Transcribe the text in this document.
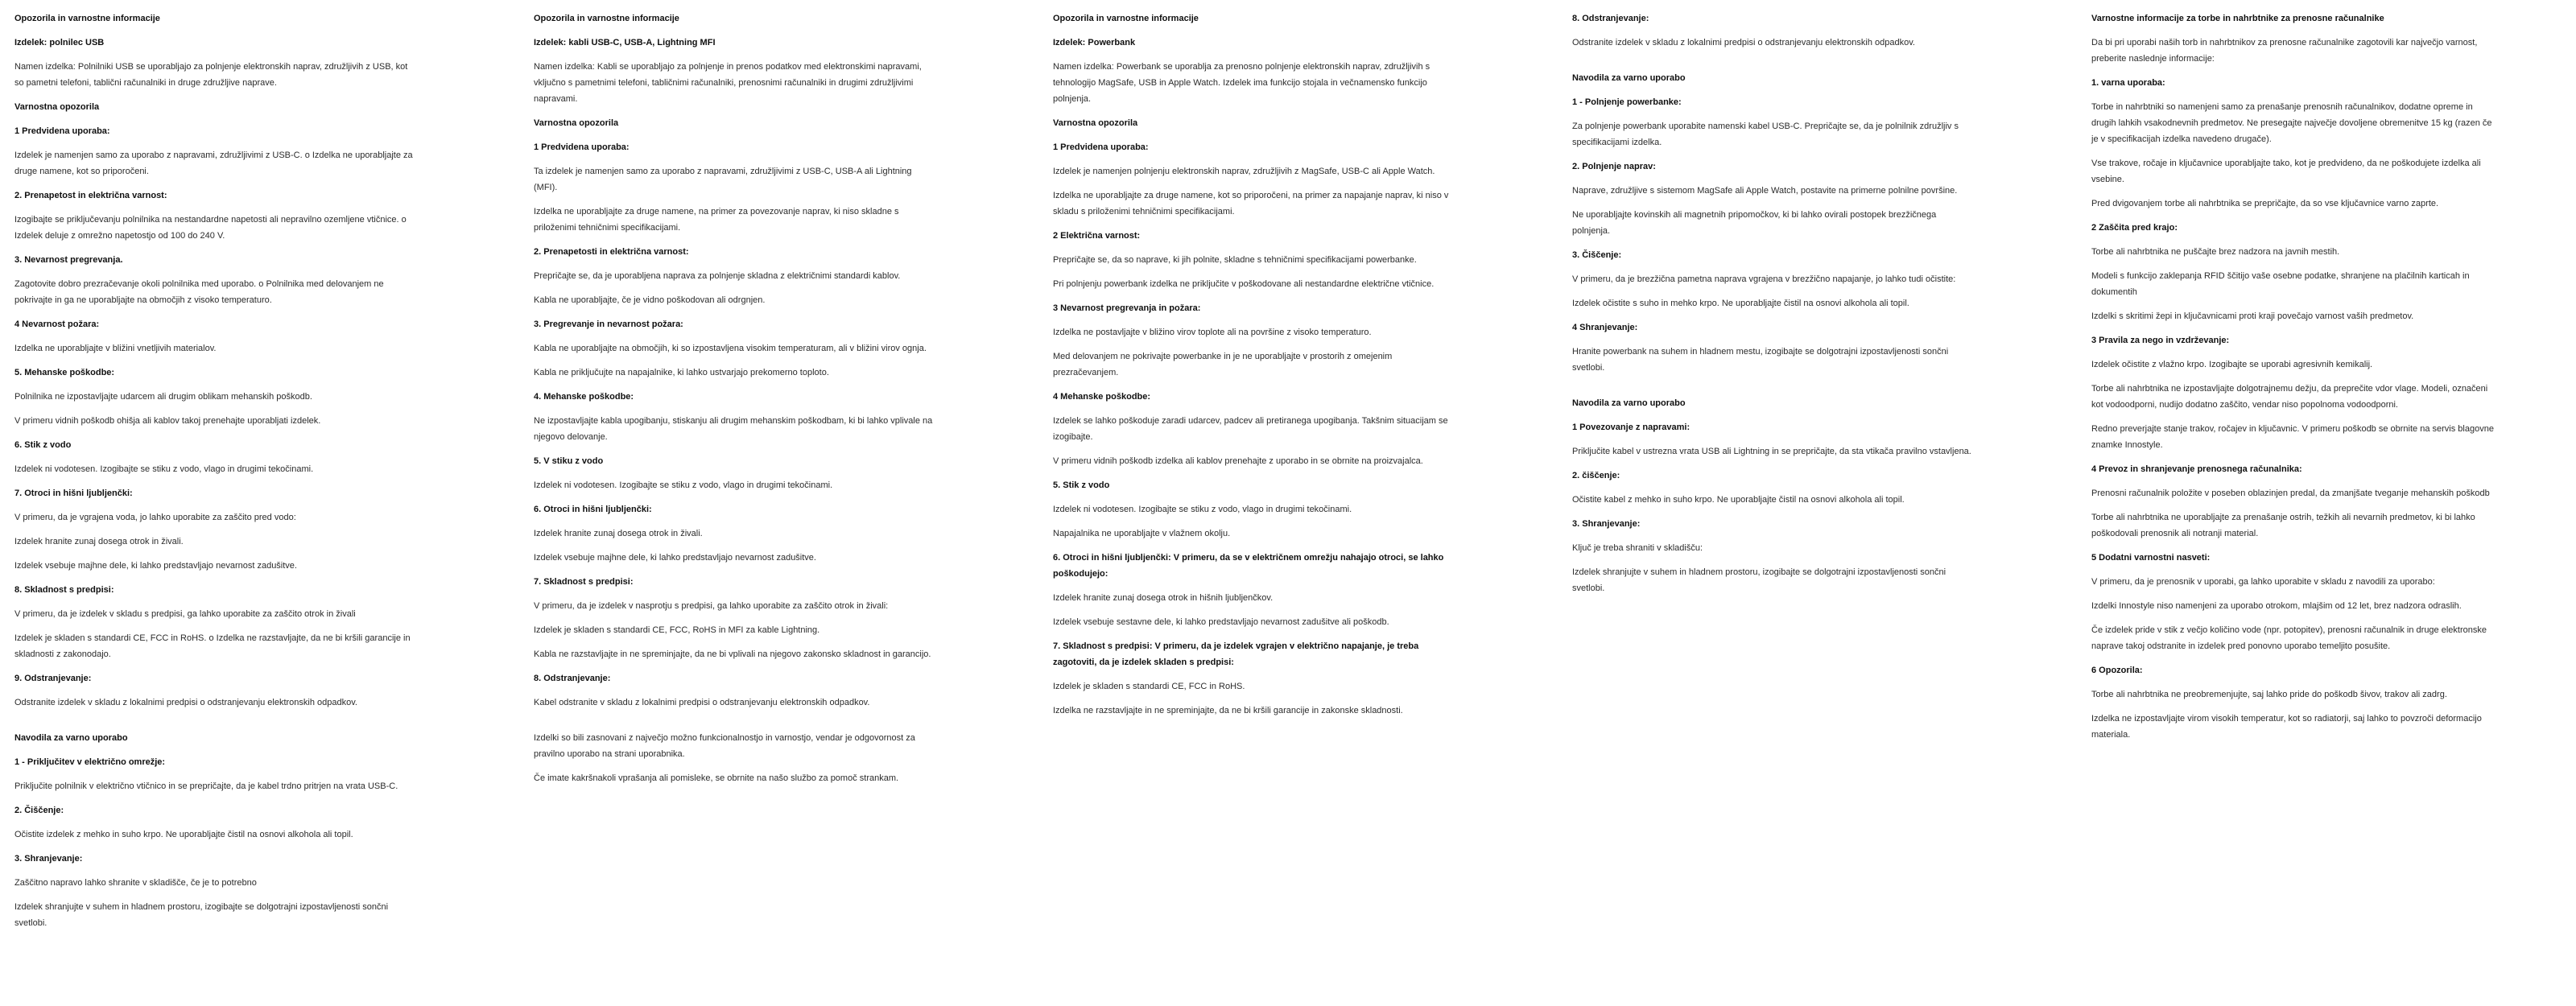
Opozorila in varnostne informacije

Izdelek: polnilec USB

Namen izdelka: Polnilniki USB se uporabljajo za polnjenje elektronskih naprav, združljivih z USB, kot so pametni telefoni, tablični računalniki in druge združljive naprave.

Varnostna opozorila

1 Predvidena uporaba:

Izdelek je namenjen samo za uporabo z napravami, združljivimi z USB-C. o Izdelka ne uporabljajte za druge namene, kot so priporočeni.

2. Prenapetost in električna varnost:

Izogibajte se priključevanju polnilnika na nestandardne napetosti ali nepravilno ozemljene vtičnice. o Izdelek deluje z omrežno napetostjo od 100 do 240 V.

3. Nevarnost pregrevanja.

Zagotovite dobro prezračevanje okoli polnilnika med uporabo. o Polnilnika med delovanjem ne pokrivajte in ga ne uporabljajte na območjih z visoko temperaturo.

4 Nevarnost požara:

Izdelka ne uporabljajte v bližini vnetljivih materialov.

5. Mehanske poškodbe:

Polnilnika ne izpostavljajte udarcem ali drugim oblikam mehanskih poškodb.

V primeru vidnih poškodb ohišja ali kablov takoj prenehajte uporabljati izdelek.

6. Stik z vodo

Izdelek ni vodotesen. Izogibajte se stiku z vodo, vlago in drugimi tekočinami.

7. Otroci in hišni ljubljenčki:

V primeru, da je vgrajena voda, jo lahko uporabite za zaščito pred vodo:

Izdelek hranite zunaj dosega otrok in živali.

Izdelek vsebuje majhne dele, ki lahko predstavljajo nevarnost zadušitve.

8. Skladnost s predpisi:

V primeru, da je izdelek v skladu s predpisi, ga lahko uporabite za zaščito otrok in živali

Izdelek je skladen s standardi CE, FCC in RoHS. o Izdelka ne razstavljajte, da ne bi kršili garancije in skladnosti z zakonodajo.

9. Odstranjevanje:

Odstranite izdelek v skladu z lokalnimi predpisi o odstranjevanju elektronskih odpadkov.

Navodila za varno uporabo

1 - Priključitev v električno omrežje:

Priključite polnilnik v električno vtičnico in se prepričajte, da je kabel trdno pritrjen na vrata USB-C.

2. Čiščenje:

Očistite izdelek z mehko in suho krpo. Ne uporabljajte čistil na osnovi alkohola ali topil.

3. Shranjevanje:

Zaščitno napravo lahko shranite v skladišče, če je to potrebno

Izdelek shranjujte v suhem in hladnem prostoru, izogibajte se dolgotrajni izpostavljenosti sončni svetlobi.

Opozorila in varnostne informacije

Izdelek: kabli USB-C, USB-A, Lightning MFI

Namen izdelka: Kabli se uporabljajo za polnjenje in prenos podatkov med elektronskimi napravami, vključno s pametnimi telefoni, tabličnimi računalniki, prenosnimi računalniki in drugimi združljivimi napravami.

Varnostna opozorila

1 Predvidena uporaba:

Ta izdelek je namenjen samo za uporabo z napravami, združljivimi z USB-C, USB-A ali Lightning (MFI).

Izdelka ne uporabljajte za druge namene, na primer za povezovanje naprav, ki niso skladne s priloženimi tehničnimi specifikacijami.

2. Prenapetosti in električna varnost:

Prepričajte se, da je uporabljena naprava za polnjenje skladna z električnimi standardi kablov.

Kabla ne uporabljajte, če je vidno poškodovan ali odrgnjen.

3. Pregrevanje in nevarnost požara:

Kabla ne uporabljajte na območjih, ki so izpostavljena visokim temperaturam, ali v bližini virov ognja.

Kabla ne priključujte na napajalnike, ki lahko ustvarjajo prekomerno toploto.

4. Mehanske poškodbe:

Ne izpostavljajte kabla upogibanju, stiskanju ali drugim mehanskim poškodbam, ki bi lahko vplivale na njegovo delovanje.

5. V stiku z vodo

Izdelek ni vodotesen. Izogibajte se stiku z vodo, vlago in drugimi tekočinami.

6. Otroci in hišni ljubljenčki:

Izdelek hranite zunaj dosega otrok in živali.

Izdelek vsebuje majhne dele, ki lahko predstavljajo nevarnost zadušitve.

7. Skladnost s predpisi:

V primeru, da je izdelek v nasprotju s predpisi, ga lahko uporabite za zaščito otrok in živali:

Izdelek je skladen s standardi CE, FCC, RoHS in MFI za kable Lightning.

Kabla ne razstavljajte in ne spreminjajte, da ne bi vplivali na njegovo zakonsko skladnost in garancijo.

8. Odstranjevanje:

Kabel odstranite v skladu z lokalnimi predpisi o odstranjevanju elektronskih odpadkov.

Izdelki so bili zasnovani z največjo možno funkcionalnostjo in varnostjo, vendar je odgovornost za pravilno uporabo na strani uporabnika.

Če imate kakršnakoli vprašanja ali pomisleke, se obrnite na našo službo za pomoč strankam.

Opozorila in varnostne informacije

Izdelek: Powerbank

Namen izdelka: Powerbank se uporablja za prenosno polnjenje elektronskih naprav, združljivih s tehnologijo MagSafe, USB in Apple Watch. Izdelek ima funkcijo stojala in večnamensko funkcijo polnjenja.

Varnostna opozorila

1 Predvidena uporaba:

Izdelek je namenjen polnjenju elektronskih naprav, združljivih z MagSafe, USB-C ali Apple Watch.

Izdelka ne uporabljajte za druge namene, kot so priporočeni, na primer za napajanje naprav, ki niso v skladu s priloženimi tehničnimi specifikacijami.

2 Električna varnost:

Prepričajte se, da so naprave, ki jih polnite, skladne s tehničnimi specifikacijami powerbanke.

Pri polnjenju powerbank izdelka ne priključite v poškodovane ali nestandardne električne vtičnice.

3 Nevarnost pregrevanja in požara:

Izdelka ne postavljajte v bližino virov toplote ali na površine z visoko temperaturo.

Med delovanjem ne pokrivajte powerbanke in je ne uporabljajte v prostorih z omejenim prezračevanjem.

4 Mehanske poškodbe:

Izdelek se lahko poškoduje zaradi udarcev, padcev ali pretiranega upogibanja. Takšnim situacijam se izogibajte.

V primeru vidnih poškodb izdelka ali kablov prenehajte z uporabo in se obrnite na proizvajalca.

5. Stik z vodo

Izdelek ni vodotesen. Izogibajte se stiku z vodo, vlago in drugimi tekočinami.

Napajalnika ne uporabljajte v vlažnem okolju.

6. Otroci in hišni ljubljenčki: V primeru, da se v električnem omrežju nahajajo otroci, se lahko poškodujejo:

Izdelek hranite zunaj dosega otrok in hišnih ljubljenčkov.

Izdelek vsebuje sestavne dele, ki lahko predstavljajo nevarnost zadušitve ali poškodb.

7. Skladnost s predpisi: V primeru, da je izdelek vgrajen v električno napajanje, je treba zagotoviti, da je izdelek skladen s predpisi:

Izdelek je skladen s standardi CE, FCC in RoHS.

Izdelka ne razstavljajte in ne spreminjajte, da ne bi kršili garancije in zakonske skladnosti.

8. Odstranjevanje:

Odstranite izdelek v skladu z lokalnimi predpisi o odstranjevanju elektronskih odpadkov.

Navodila za varno uporabo

1 - Polnjenje powerbanke:

Za polnjenje powerbank uporabite namenski kabel USB-C. Prepričajte se, da je polnilnik združljiv s specifikacijami izdelka.

2. Polnjenje naprav:

Naprave, združljive s sistemom MagSafe ali Apple Watch, postavite na primerne polnilne površine.

Ne uporabljajte kovinskih ali magnetnih pripomočkov, ki bi lahko ovirali postopek brezžičnega polnjenja.

3. Čiščenje:

V primeru, da je brezžična pametna naprava vgrajena v brezžično napajanje, jo lahko tudi očistite:

Izdelek očistite s suho in mehko krpo. Ne uporabljajte čistil na osnovi alkohola ali topil.

4 Shranjevanje:

Hranite powerbank na suhem in hladnem mestu, izogibajte se dolgotrajni izpostavljenosti sončni svetlobi.

Navodila za varno uporabo

1 Povezovanje z napravami:

Priključite kabel v ustrezna vrata USB ali Lightning in se prepričajte, da sta vtikača pravilno vstavljena.

2. čiščenje:

Očistite kabel z mehko in suho krpo. Ne uporabljajte čistil na osnovi alkohola ali topil.

3. Shranjevanje:

Ključ je treba shraniti v skladišču:

Izdelek shranjujte v suhem in hladnem prostoru, izogibajte se dolgotrajni izpostavljenosti sončni svetlobi.

Varnostne informacije za torbe in nahrbtnike za prenosne računalnike

Da bi pri uporabi naših torb in nahrbtnikov za prenosne računalnike zagotovili kar največjo varnost, preberite naslednje informacije:

1. varna uporaba:

Torbe in nahrbtniki so namenjeni samo za prenašanje prenosnih računalnikov, dodatne opreme in drugih lahkih vsakodnevnih predmetov. Ne presegajte največje dovoljene obremenitve 15 kg (razen če je v specifikacijah izdelka navedeno drugače).

Vse trakove, ročaje in ključavnice uporabljajte tako, kot je predvideno, da ne poškodujete izdelka ali vsebine.

Pred dvigovanjem torbe ali nahrbtnika se prepričajte, da so vse ključavnice varno zaprte.

2 Zaščita pred krajo:

Torbe ali nahrbtnika ne puščajte brez nadzora na javnih mestih.

Modeli s funkcijo zaklepanja RFID ščitijo vaše osebne podatke, shranjene na plačilnih karticah in dokumentih

Izdelki s skritimi žepi in ključavnicami proti kraji povečajo varnost vaših predmetov.

3 Pravila za nego in vzdrževanje:

Izdelek očistite z vlažno krpo. Izogibajte se uporabi agresivnih kemikalij.

Torbe ali nahrbtnika ne izpostavljajte dolgotrajnemu dežju, da preprečite vdor vlage. Modeli, označeni kot vodoodporni, nudijo dodatno zaščito, vendar niso popolnoma vodoodporni.

Redno preverjajte stanje trakov, ročajev in ključavnic. V primeru poškodb se obrnite na servis blagovne znamke Innostyle.

4 Prevoz in shranjevanje prenosnega računalnika:

Prenosni računalnik položite v poseben oblazinjen predal, da zmanjšate tveganje mehanskih poškodb

Torbe ali nahrbtnika ne uporabljajte za prenašanje ostrih, težkih ali nevarnih predmetov, ki bi lahko poškodovali prenosnik ali notranji material.

5 Dodatni varnostni nasveti:

V primeru, da je prenosnik v uporabi, ga lahko uporabite v skladu z navodili za uporabo:

Izdelki Innostyle niso namenjeni za uporabo otrokom, mlajšim od 12 let, brez nadzora odraslih.

Če izdelek pride v stik z večjo količino vode (npr. potopitev), prenosni računalnik in druge elektronske naprave takoj odstranite in izdelek pred ponovno uporabo temeljito posušite.

6 Opozorila:

Torbe ali nahrbtnika ne preobremenjujte, saj lahko pride do poškodb šivov, trakov ali zadrg.

Izdelka ne izpostavljajte virom visokih temperatur, kot so radiatorji, saj lahko to povzroči deformacijo materiala.
